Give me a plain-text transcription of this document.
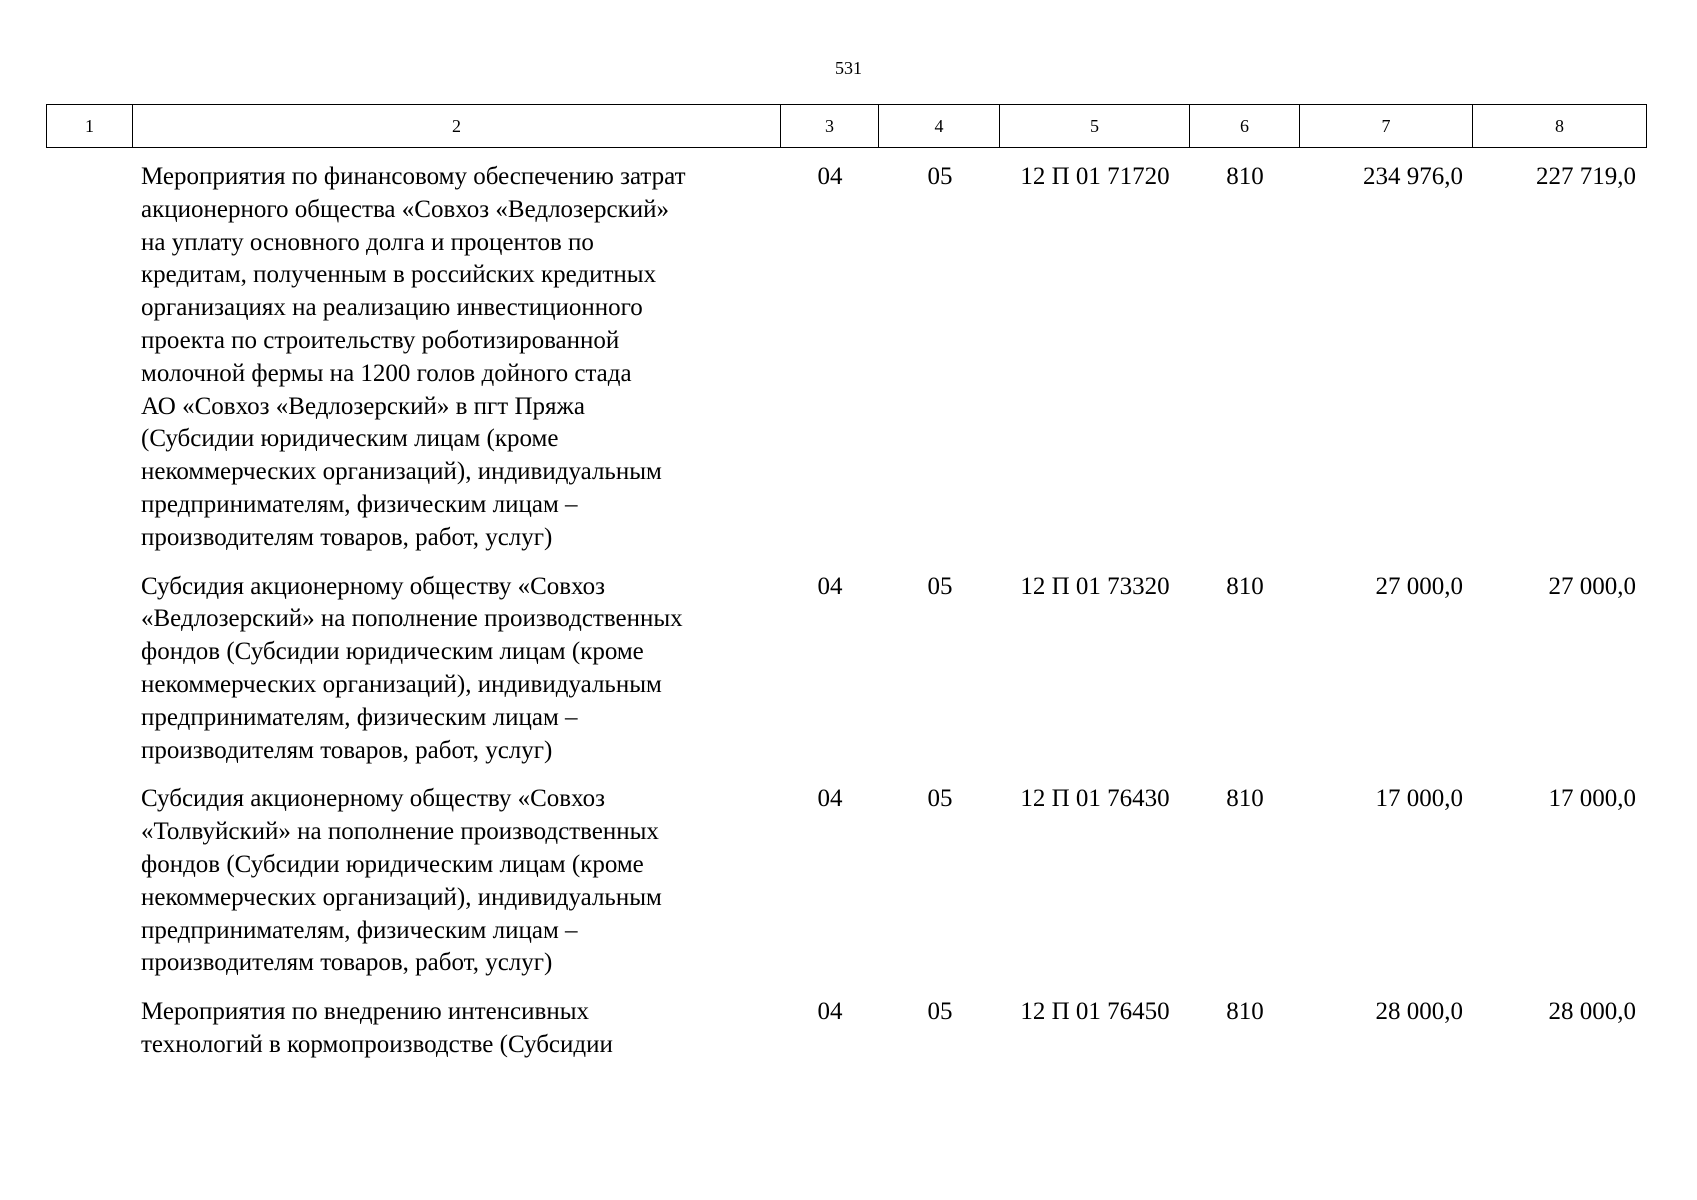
531
1	2	3	4	5	6	7	8
Мероприятия по финансовому обеспечению затрат
акционерного общества «Совхоз «Ведлозерский»
на уплату основного долга и процентов по
кредитам, полученным в российских кредитных
организациях на реализацию инвестиционного
проекта по строительству роботизированной
молочной фермы на 1200 голов дойного стада
АО «Совхоз «Ведлозерский» в пгт Пряжа
(Субсидии юридическим лицам (кроме
некоммерческих организаций), индивидуальным
предпринимателям, физическим лицам –
производителям товаров, работ, услуг)
04	05	12 П 01 71720	810	234 976,0	227 719,0
Субсидия акционерному обществу «Совхоз
«Ведлозерский» на пополнение производственных
фондов (Субсидии юридическим лицам (кроме
некоммерческих организаций), индивидуальным
предпринимателям, физическим лицам –
производителям товаров, работ, услуг)
04	05	12 П 01 73320	810	27 000,0	27 000,0
Субсидия акционерному обществу «Совхоз
«Толвуйский» на пополнение производственных
фондов (Субсидии юридическим лицам (кроме
некоммерческих организаций), индивидуальным
предпринимателям, физическим лицам –
производителям товаров, работ, услуг)
04	05	12 П 01 76430	810	17 000,0	17 000,0
Мероприятия по внедрению интенсивных
технологий в кормопроизводстве (Субсидии
04	05	12 П 01 76450	810	28 000,0	28 000,0
